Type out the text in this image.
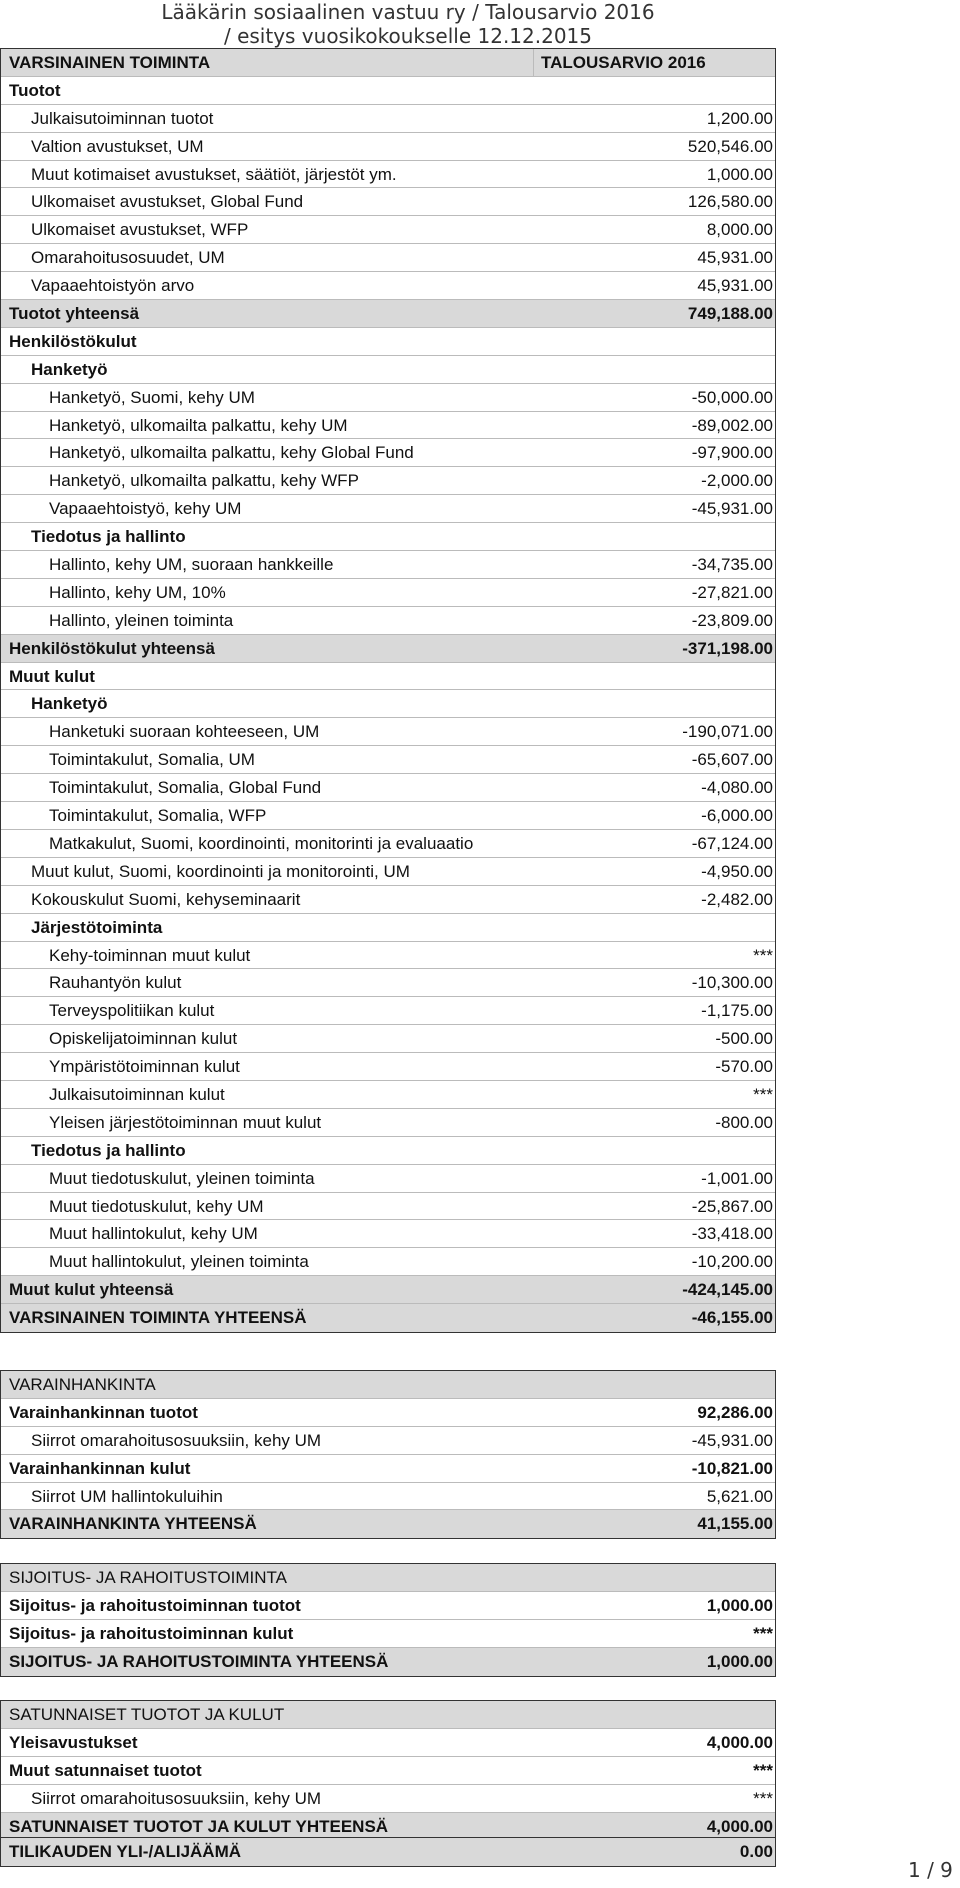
Lääkärin sosiaalinen vastuu ry / Talousarvio 2016
/ esitys vuosikokoukselle 12.12.2015
VARSINAINEN TOIMINTA	TALOUSARVIO 2016
Tuotot
Julkaisutoiminnan tuotot	1,200.00
Valtion avustukset, UM	520,546.00
Muut kotimaiset avustukset, säätiöt, järjestöt ym.	1,000.00
Ulkomaiset avustukset, Global Fund	126,580.00
Ulkomaiset avustukset, WFP	8,000.00
Omarahoitusosuudet, UM	45,931.00
Vapaaehtoistyön arvo	45,931.00
Tuotot yhteensä	749,188.00
Henkilöstökulut
Hanketyö
Hanketyö, Suomi, kehy UM	-50,000.00
Hanketyö, ulkomailta palkattu, kehy UM	-89,002.00
Hanketyö, ulkomailta palkattu, kehy Global Fund	-97,900.00
Hanketyö, ulkomailta palkattu, kehy WFP	-2,000.00
Vapaaehtoistyö, kehy UM	-45,931.00
Tiedotus ja hallinto
Hallinto, kehy UM, suoraan hankkeille	-34,735.00
Hallinto, kehy UM, 10%	-27,821.00
Hallinto, yleinen toiminta	-23,809.00
Henkilöstökulut yhteensä	-371,198.00
Muut kulut
Hanketyö
Hanketuki suoraan kohteeseen, UM	-190,071.00
Toimintakulut, Somalia, UM	-65,607.00
Toimintakulut, Somalia, Global Fund	-4,080.00
Toimintakulut, Somalia, WFP	-6,000.00
Matkakulut, Suomi, koordinointi, monitorinti ja evaluaatio	-67,124.00
Muut kulut, Suomi, koordinointi ja monitorointi, UM	-4,950.00
Kokouskulut Suomi, kehyseminaarit	-2,482.00
Järjestötoiminta
Kehy-toiminnan muut kulut	***
Rauhantyön kulut	-10,300.00
Terveyspolitiikan kulut	-1,175.00
Opiskelijatoiminnan kulut	-500.00
Ympäristötoiminnan kulut	-570.00
Julkaisutoiminnan kulut	***
Yleisen järjestötoiminnan muut kulut	-800.00
Tiedotus ja hallinto
Muut tiedotuskulut, yleinen toiminta	-1,001.00
Muut tiedotuskulut, kehy UM	-25,867.00
Muut hallintokulut, kehy UM	-33,418.00
Muut hallintokulut, yleinen toiminta	-10,200.00
Muut kulut yhteensä	-424,145.00
VARSINAINEN TOIMINTA YHTEENSÄ	-46,155.00
VARAINHANKINTA
Varainhankinnan tuotot	92,286.00
Siirrot omarahoitusosuuksiin, kehy UM	-45,931.00
Varainhankinnan kulut	-10,821.00
Siirrot UM hallintokuluihin	5,621.00
VARAINHANKINTA YHTEENSÄ	41,155.00
SIJOITUS- JA RAHOITUSTOIMINTA
Sijoitus- ja rahoitustoiminnan tuotot	1,000.00
Sijoitus- ja rahoitustoiminnan kulut	***
SIJOITUS- JA RAHOITUSTOIMINTA YHTEENSÄ	1,000.00
SATUNNAISET TUOTOT JA KULUT
Yleisavustukset	4,000.00
Muut satunnaiset tuotot	***
Siirrot omarahoitusosuuksiin, kehy UM	***
SATUNNAISET TUOTOT JA KULUT YHTEENSÄ	4,000.00
TILIKAUDEN YLI-/ALIJÄÄMÄ	0.00
1 / 9
